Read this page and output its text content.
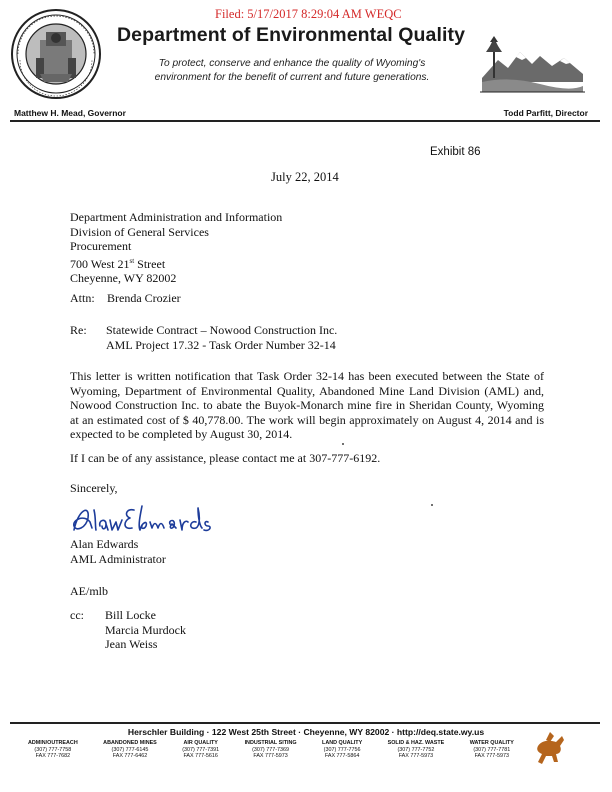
Filed: 5/17/2017 8:29:04 AM WEQC
Department of Environmental Quality
To protect, conserve and enhance the quality of Wyoming's
environment for the benefit of current and future generations.
Matthew H. Mead, Governor	Todd Parfitt, Director
Exhibit 86
July 22, 2014
Department Administration and Information
Division of General Services
Procurement
700 West 21st Street
Cheyenne, WY 82002
Attn: Brenda Crozier
Re: Statewide Contract – Nowood Construction Inc.
AML Project 17.32 - Task Order Number 32-14
This letter is written notification that Task Order 32-14 has been executed between the State of Wyoming, Department of Environmental Quality, Abandoned Mine Land Division (AML) and, Nowood Construction Inc. to abate the Buyok-Monarch mine fire in Sheridan County, Wyoming at an estimated cost of $ 40,778.00. The work will begin approximately on August 4, 2014 and is expected to be completed by August 30, 2014.
If I can be of any assistance, please contact me at 307-777-6192.
Sincerely,
Alan Edwards
AML Administrator
AE/mlb
cc: Bill Locke
Marcia Murdock
Jean Weiss
Herschler Building · 122 West 25th Street · Cheyenne, WY 82002 · http://deq.state.wy.us
ADMIN/OUTREACH
(307) 777-7758
FAX 777-7682
ABANDONED MINES
(307) 777-6145
FAX 777-6462
AIR QUALITY
(307) 777-7391
FAX 777-5616
INDUSTRIAL SITING
(307) 777-7369
FAX 777-5973
LAND QUALITY
(307) 777-7756
FAX 777-5864
SOLID & HAZ. WASTE
(307) 777-7752
FAX 777-5973
WATER QUALITY
(307) 777-7781
FAX 777-5973
